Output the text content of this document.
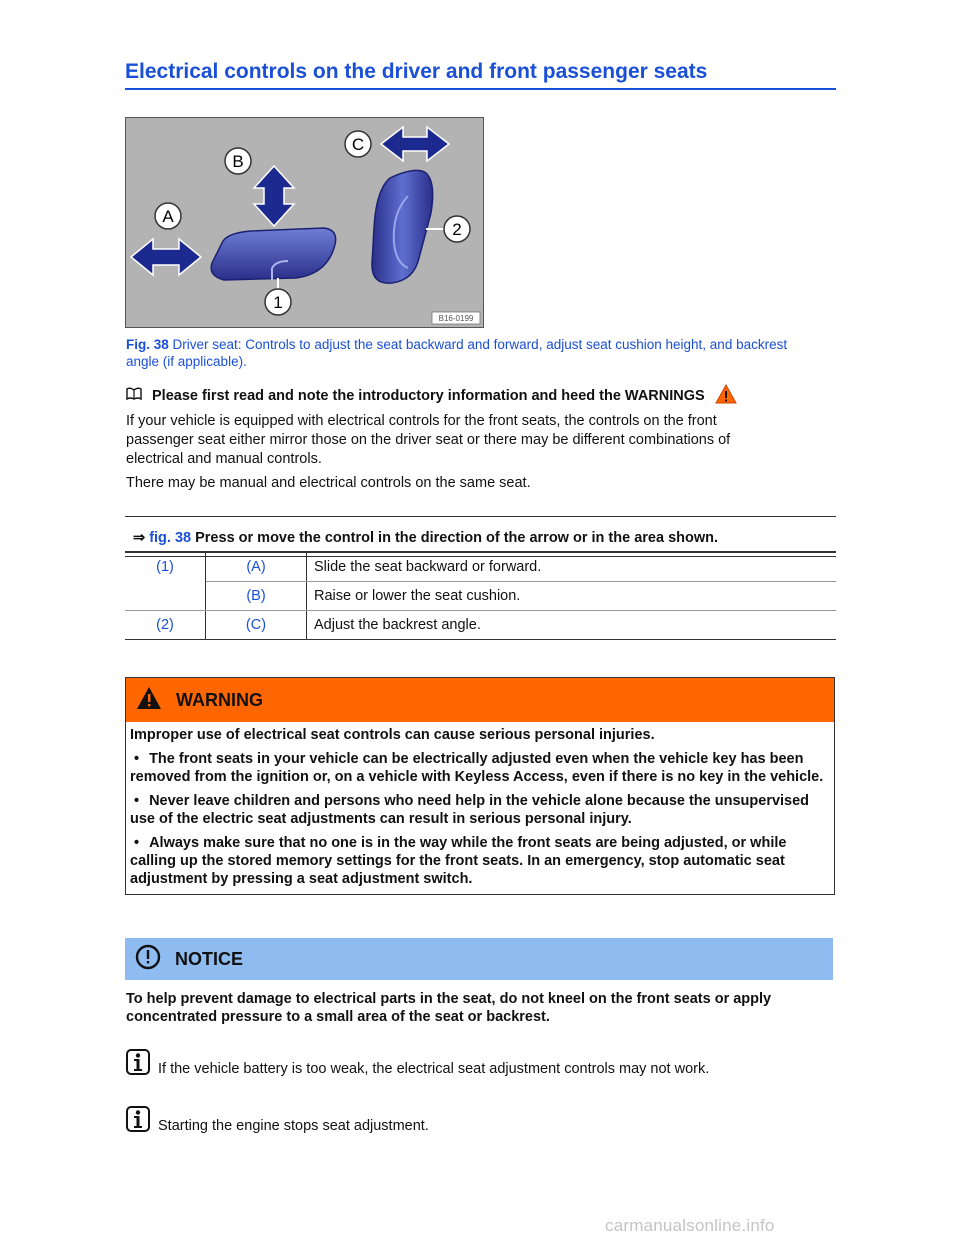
Electrical controls on the driver and front passenger seats
A
B
C
1
2
B16-0199
Fig. 38 Driver seat: Controls to adjust the seat backward and forward, adjust seat cushion height, and backrest angle (if applicable).
Please first read and note the introductory information and heed the WARNINGS
If your vehicle is equipped with electrical controls for the front seats, the controls on the front passenger seat either mirror those on the driver seat or there may be different combinations of electrical and manual controls.
There may be manual and electrical controls on the same seat.
⇒ fig. 38 Press or move the control in the direction of the arrow or in the area shown.
(1)	(A)	Slide the seat backward or forward.
	(B)	Raise or lower the seat cushion.
(2)	(C)	Adjust the backrest angle.
WARNING

Improper use of electrical seat controls can cause serious personal injuries.

• The front seats in your vehicle can be electrically adjusted even when the vehicle key has been removed from the ignition or, on a vehicle with Keyless Access, even if there is no key in the vehicle.

• Never leave children and persons who need help in the vehicle alone because the unsupervised use of the electric seat adjustments can result in serious personal injury.

• Always make sure that no one is in the way while the front seats are being adjusted, or while calling up the stored memory settings for the front seats. In an emergency, stop automatic seat adjustment by pressing a seat adjustment switch.

NOTICE
To help prevent damage to electrical parts in the seat, do not kneel on the front seats or apply concentrated pressure to a small area of the seat or backrest.
If the vehicle battery is too weak, the electrical seat adjustment controls may not work.
Starting the engine stops seat adjustment.
carmanualsonline.info
